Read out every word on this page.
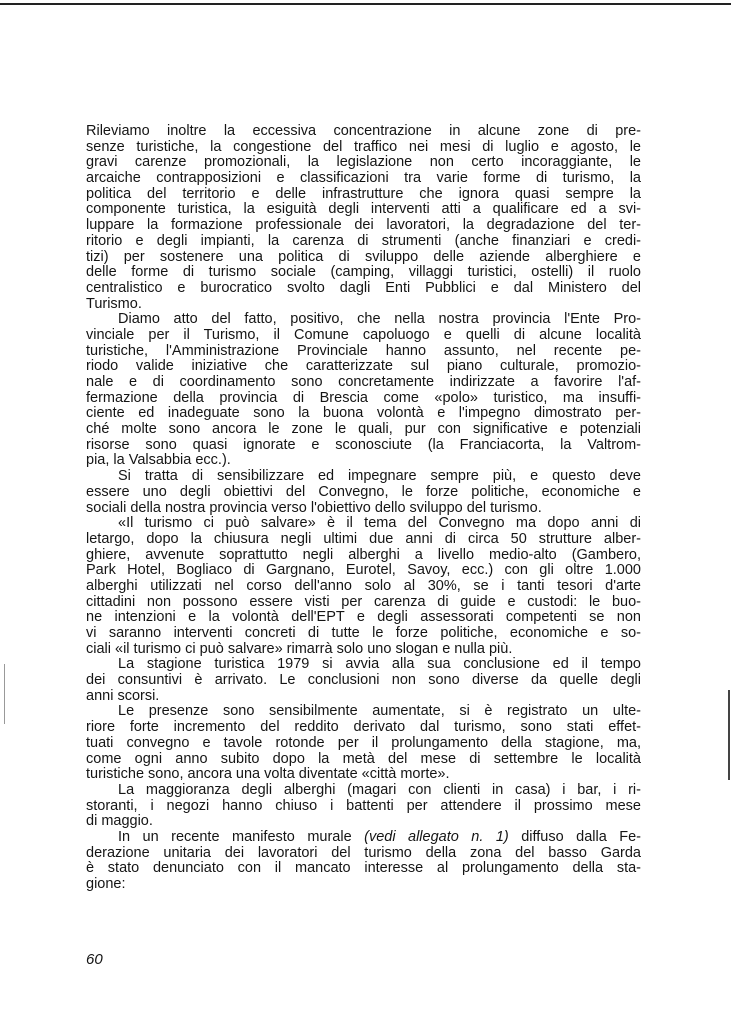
Rileviamo inoltre la eccessiva concentrazione in alcune zone di pre-
senze turistiche, la congestione del traffico nei mesi di luglio e agosto, le
gravi carenze promozionali, la legislazione non certo incoraggiante, le
arcaiche contrapposizioni e classificazioni tra varie forme di turismo, la
politica del territorio e delle infrastrutture che ignora quasi sempre la
componente turistica, la esiguità degli interventi atti a qualificare ed a svi-
luppare la formazione professionale dei lavoratori, la degradazione del ter-
ritorio e degli impianti, la carenza di strumenti (anche finanziari e credi-
tizi) per sostenere una politica di sviluppo delle aziende alberghiere e
delle forme di turismo sociale (camping, villaggi turistici, ostelli) il ruolo
centralistico e burocratico svolto dagli Enti Pubblici e dal Ministero del
Turismo.
Diamo atto del fatto, positivo, che nella nostra provincia l'Ente Pro-
vinciale per il Turismo, il Comune capoluogo e quelli di alcune località
turistiche, l'Amministrazione Provinciale hanno assunto, nel recente pe-
riodo valide iniziative che caratterizzate sul piano culturale, promozio-
nale e di coordinamento sono concretamente indirizzate a favorire l'af-
fermazione della provincia di Brescia come «polo» turistico, ma insuffi-
ciente ed inadeguate sono la buona volontà e l'impegno dimostrato per-
ché molte sono ancora le zone le quali, pur con significative e potenziali
risorse sono quasi ignorate e sconosciute (la Franciacorta, la Valtrom-
pia, la Valsabbia ecc.).
Si tratta di sensibilizzare ed impegnare sempre più, e questo deve
essere uno degli obiettivi del Convegno, le forze politiche, economiche e
sociali della nostra provincia verso l'obiettivo dello sviluppo del turismo.
«Il turismo ci può salvare» è il tema del Convegno ma dopo anni di
letargo, dopo la chiusura negli ultimi due anni di circa 50 strutture alber-
ghiere, avvenute soprattutto negli alberghi a livello medio-alto (Gambero,
Park Hotel, Bogliaco di Gargnano, Eurotel, Savoy, ecc.) con gli oltre 1.000
alberghi utilizzati nel corso dell'anno solo al 30%, se i tanti tesori d'arte
cittadini non possono essere visti per carenza di guide e custodi: le buo-
ne intenzioni e la volontà dell'EPT e degli assessorati competenti se non
vi saranno interventi concreti di tutte le forze politiche, economiche e so-
ciali «il turismo ci può salvare» rimarrà solo uno slogan e nulla più.
La stagione turistica 1979 si avvia alla sua conclusione ed il tempo
dei consuntivi è arrivato. Le conclusioni non sono diverse da quelle degli
anni scorsi.
Le presenze sono sensibilmente aumentate, si è registrato un ulte-
riore forte incremento del reddito derivato dal turismo, sono stati effet-
tuati convegno e tavole rotonde per il prolungamento della stagione, ma,
come ogni anno subito dopo la metà del mese di settembre le località
turistiche sono, ancora una volta diventate «città morte».
La maggioranza degli alberghi (magari con clienti in casa) i bar, i ri-
storanti, i negozi hanno chiuso i battenti per attendere il prossimo mese
di maggio.
In un recente manifesto murale (vedi allegato n. 1) diffuso dalla Fe-
derazione unitaria dei lavoratori del turismo della zona del basso Garda
è stato denunciato con il mancato interesse al prolungamento della sta-
gione:
60
